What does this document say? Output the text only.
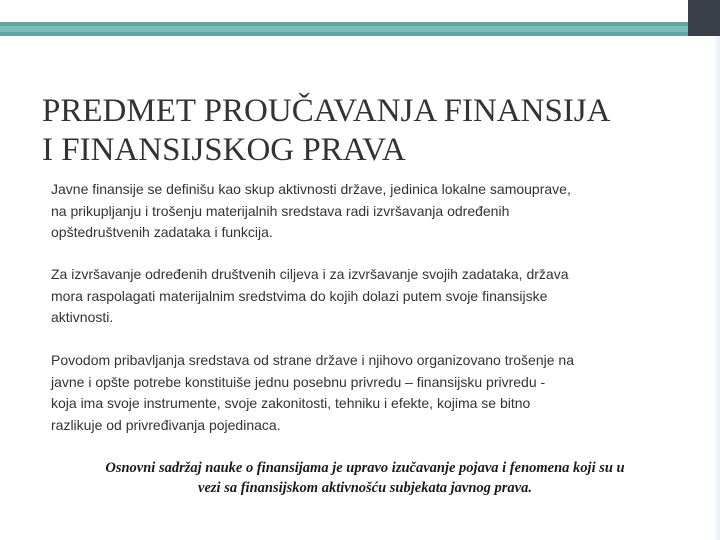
PREDMET PROUČAVANJA FINANSIJA
I FINANSIJSKOG PRAVA
Javne finansije se definišu kao skup aktivnosti države, jedinica lokalne samouprave,
na prikupljanju i trošenju materijalnih sredstava radi izvršavanja određenih
opštedruštvenih zadataka i funkcija.
Za izvršavanje određenih društvenih ciljeva i za izvršavanje svojih zadataka, država
mora raspolagati materijalnim sredstvima do kojih dolazi putem svoje finansijske
aktivnosti.
Povodom pribavljanja sredstava od strane države i njihovo organizovano trošenje na
javne i opšte potrebe konstituiše jednu posebnu privredu – finansijsku privredu -
koja ima svoje instrumente, svoje zakonitosti, tehniku i efekte, kojima se bitno
razlikuje od privređivanja pojedinaca.
Osnovni sadržaj nauke o finansijama je upravo izučavanje pojava i fenomena koji su u
vezi sa finansijskom aktivnošću subjekata javnog prava.
